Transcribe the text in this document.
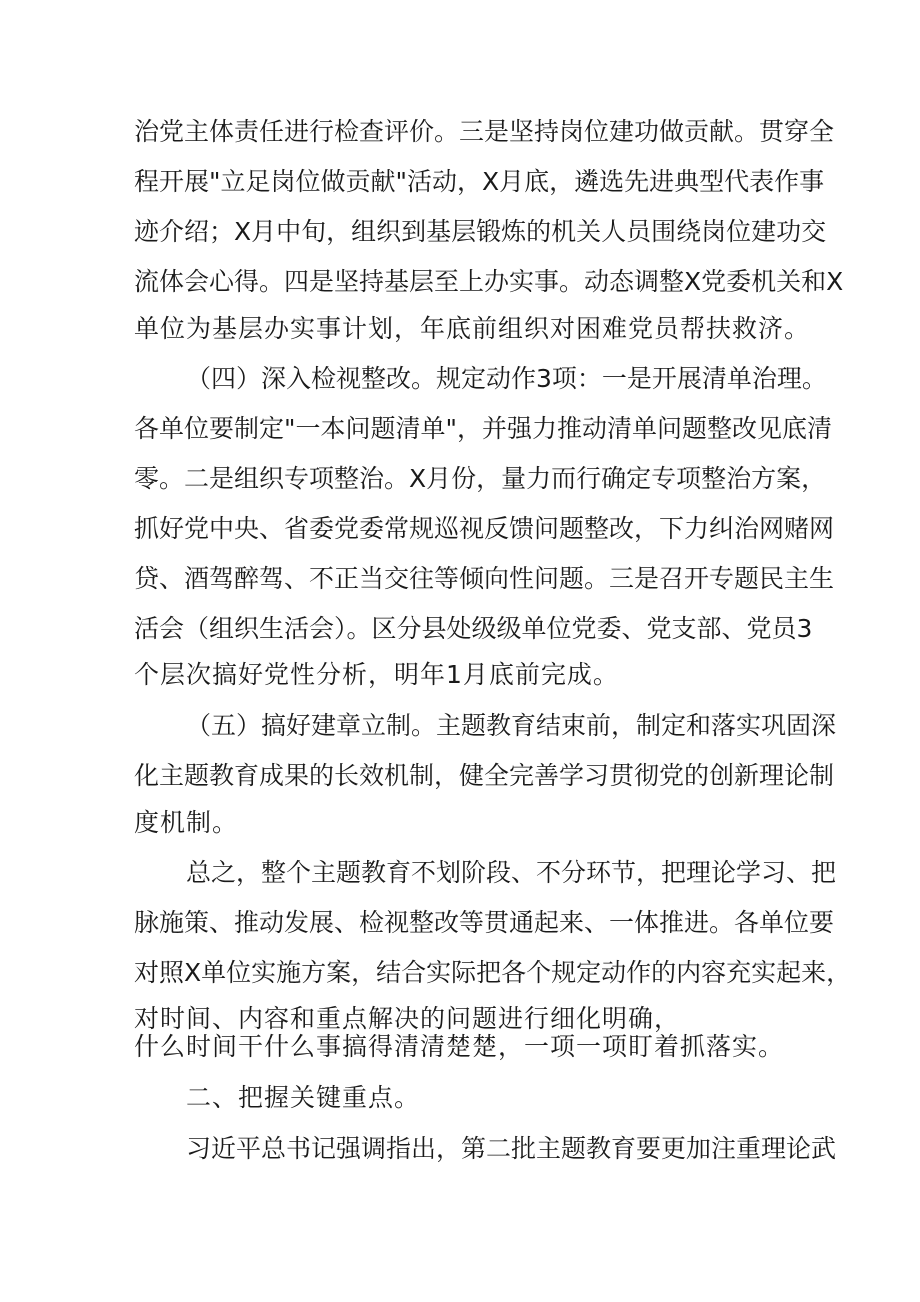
治党主体责任进行检查评价。三是坚持岗位建功做贡献。贯穿全

程开展"立足岗位做贡献"活动，X月底，遴选先进典型代表作事

迹介绍；X月中旬，组织到基层锻炼的机关人员围绕岗位建功交

流体会心得。四是坚持基层至上办实事。动态调整X党委机关和X

单位为基层办实事计划，年底前组织对困难党员帮扶救济。

（四）深入检视整改。规定动作3项：一是开展清单治理。

各单位要制定"一本问题清单"，并强力推动清单问题整改见底清

零。二是组织专项整治。X月份，量力而行确定专项整治方案，

抓好党中央、省委党委常规巡视反馈问题整改，下力纠治网赌网

贷、酒驾醉驾、不正当交往等倾向性问题。三是召开专题民主生

活会（组织生活会）。区分县处级级单位党委、党支部、党员3

个层次搞好党性分析，明年1月底前完成。

（五）搞好建章立制。主题教育结束前，制定和落实巩固深

化主题教育成果的长效机制，健全完善学习贯彻党的创新理论制

度机制。

总之，整个主题教育不划阶段、不分环节，把理论学习、把

脉施策、推动发展、检视整改等贯通起来、一体推进。各单位要

对照X单位实施方案，结合实际把各个规定动作的内容充实起来，

对时间、内容和重点解决的问题进行细化明确，

什么时间干什么事搞得清清楚楚，一项一项盯着抓落实。

二、把握关键重点。

习近平总书记强调指出，第二批主题教育要更加注重理论武
